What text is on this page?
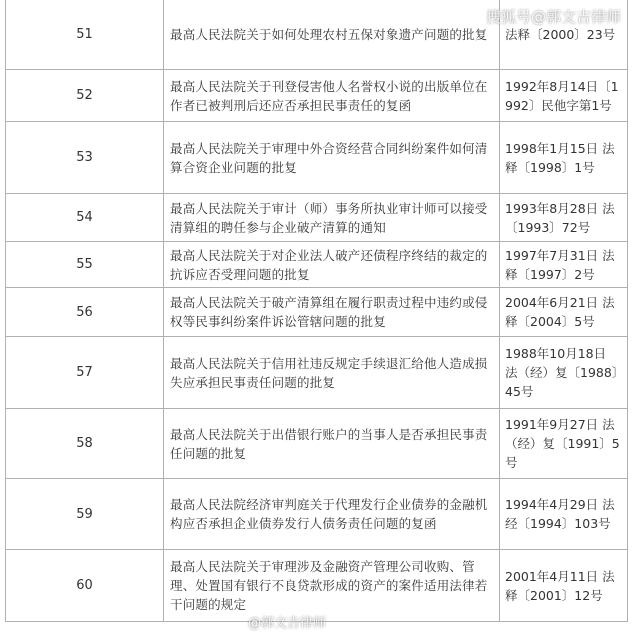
51	最高人民法院关于如何处理农村五保对象遗产问题的批复	法释〔2000〕23号
52	最高人民法院关于刊登侵害他人名誉权小说的出版单位在作者已被判刑后还应否承担民事责任的复函	1992年8月14日〔1992〕民他字第1号
53	最高人民法院关于审理中外合资经营合同纠纷案件如何清算合资企业问题的批复	1998年1月15日 法释〔1998〕1号
54	最高人民法院关于审计（师）事务所执业审计师可以接受清算组的聘任参与企业破产清算的通知	1993年8月28日 法〔1993〕72号
55	最高人民法院关于对企业法人破产还债程序终结的裁定的抗诉应否受理问题的批复	1997年7月31日 法释〔1997〕2号
56	最高人民法院关于破产清算组在履行职责过程中违约或侵权等民事纠纷案件诉讼管辖问题的批复	2004年6月21日 法释〔2004〕5号
57	最高人民法院关于信用社违反规定手续退汇给他人造成损失应承担民事责任问题的批复	1988年10月18日 法（经）复〔1988〕45号
58	最高人民法院关于出借银行账户的当事人是否承担民事责任问题的批复	1991年9月27日 法（经）复〔1991〕5号
59	最高人民法院经济审判庭关于代理发行企业债券的金融机构应否承担企业债券发行人债务责任问题的复函	1994年4月29日 法经〔1994〕103号
60	最高人民法院关于审理涉及金融资产管理公司收购、管理、处置国有银行不良贷款形成的资产的案件适用法律若干问题的规定	2001年4月11日 法释〔2001〕12号
搜狐号@郭文吉律师
@郭文吉律师
